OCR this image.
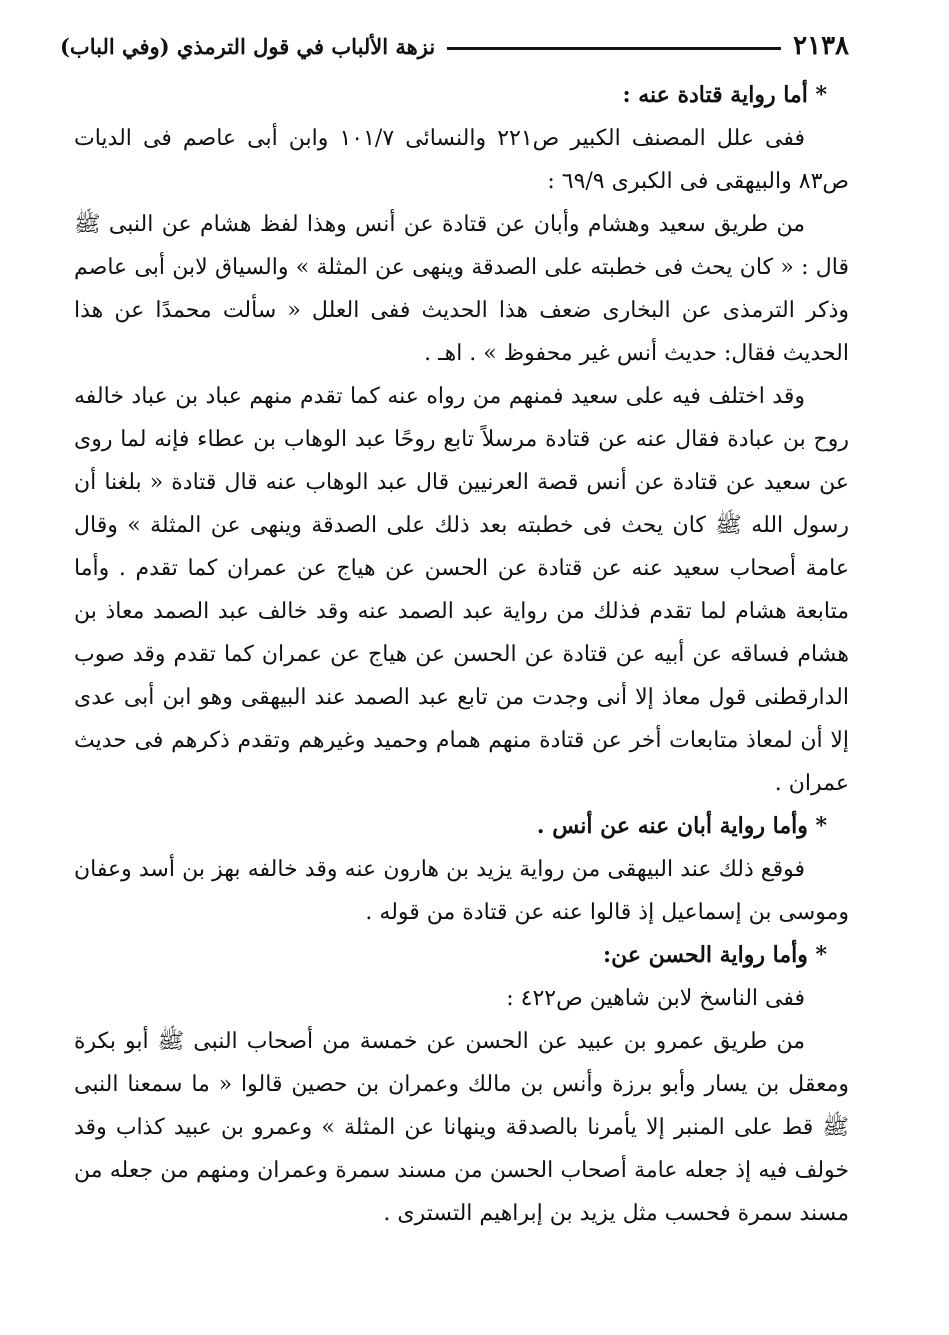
٢١٣٨
نزهة الألباب في قول الترمذي (وفي الباب)

* أما رواية قتادة عنه :

ففى علل المصنف الكبير ص٢٢١ والنسائى ١٠١/٧ وابن أبى عاصم فى الديات ص٨٣ والبيهقى فى الكبرى ٦٩/٩ :

من طريق سعيد وهشام وأبان عن قتادة عن أنس وهذا لفظ هشام عن النبى ﷺ قال : « كان يحث فى خطبته على الصدقة وينهى عن المثلة » والسياق لابن أبى عاصم وذكر الترمذى عن البخارى ضعف هذا الحديث ففى العلل « سألت محمدًا عن هذا الحديث فقال: حديث أنس غير محفوظ » . اهـ .

وقد اختلف فيه على سعيد فمنهم من رواه عنه كما تقدم منهم عباد بن عباد خالفه روح بن عبادة فقال عنه عن قتادة مرسلاً تابع روحًا عبد الوهاب بن عطاء فإنه لما روى عن سعيد عن قتادة عن أنس قصة العرنيين قال عبد الوهاب عنه قال قتادة « بلغنا أن رسول الله ﷺ كان يحث فى خطبته بعد ذلك على الصدقة وينهى عن المثلة » وقال عامة أصحاب سعيد عنه عن قتادة عن الحسن عن هياج عن عمران كما تقدم . وأما متابعة هشام لما تقدم فذلك من رواية عبد الصمد عنه وقد خالف عبد الصمد معاذ بن هشام فساقه عن أبيه عن قتادة عن الحسن عن هياج عن عمران كما تقدم وقد صوب الدارقطنى قول معاذ إلا أنى وجدت من تابع عبد الصمد عند البيهقى وهو ابن أبى عدى إلا أن لمعاذ متابعات أخر عن قتادة منهم همام وحميد وغيرهم وتقدم ذكرهم فى حديث عمران .

* وأما رواية أبان عنه عن أنس .

فوقع ذلك عند البيهقى من رواية يزيد بن هارون عنه وقد خالفه بهز بن أسد وعفان وموسى بن إسماعيل إذ قالوا عنه عن قتادة من قوله .

* وأما رواية الحسن عن:

ففى الناسخ لابن شاهين ص٤٢٢ :

من طريق عمرو بن عبيد عن الحسن عن خمسة من أصحاب النبى ﷺ أبو بكرة ومعقل بن يسار وأبو برزة وأنس بن مالك وعمران بن حصين قالوا « ما سمعنا النبى ﷺ قط على المنبر إلا يأمرنا بالصدقة وينهانا عن المثلة » وعمرو بن عبيد كذاب وقد خولف فيه إذ جعله عامة أصحاب الحسن من مسند سمرة وعمران ومنهم من جعله من مسند سمرة فحسب مثل يزيد بن إبراهيم التسترى .
